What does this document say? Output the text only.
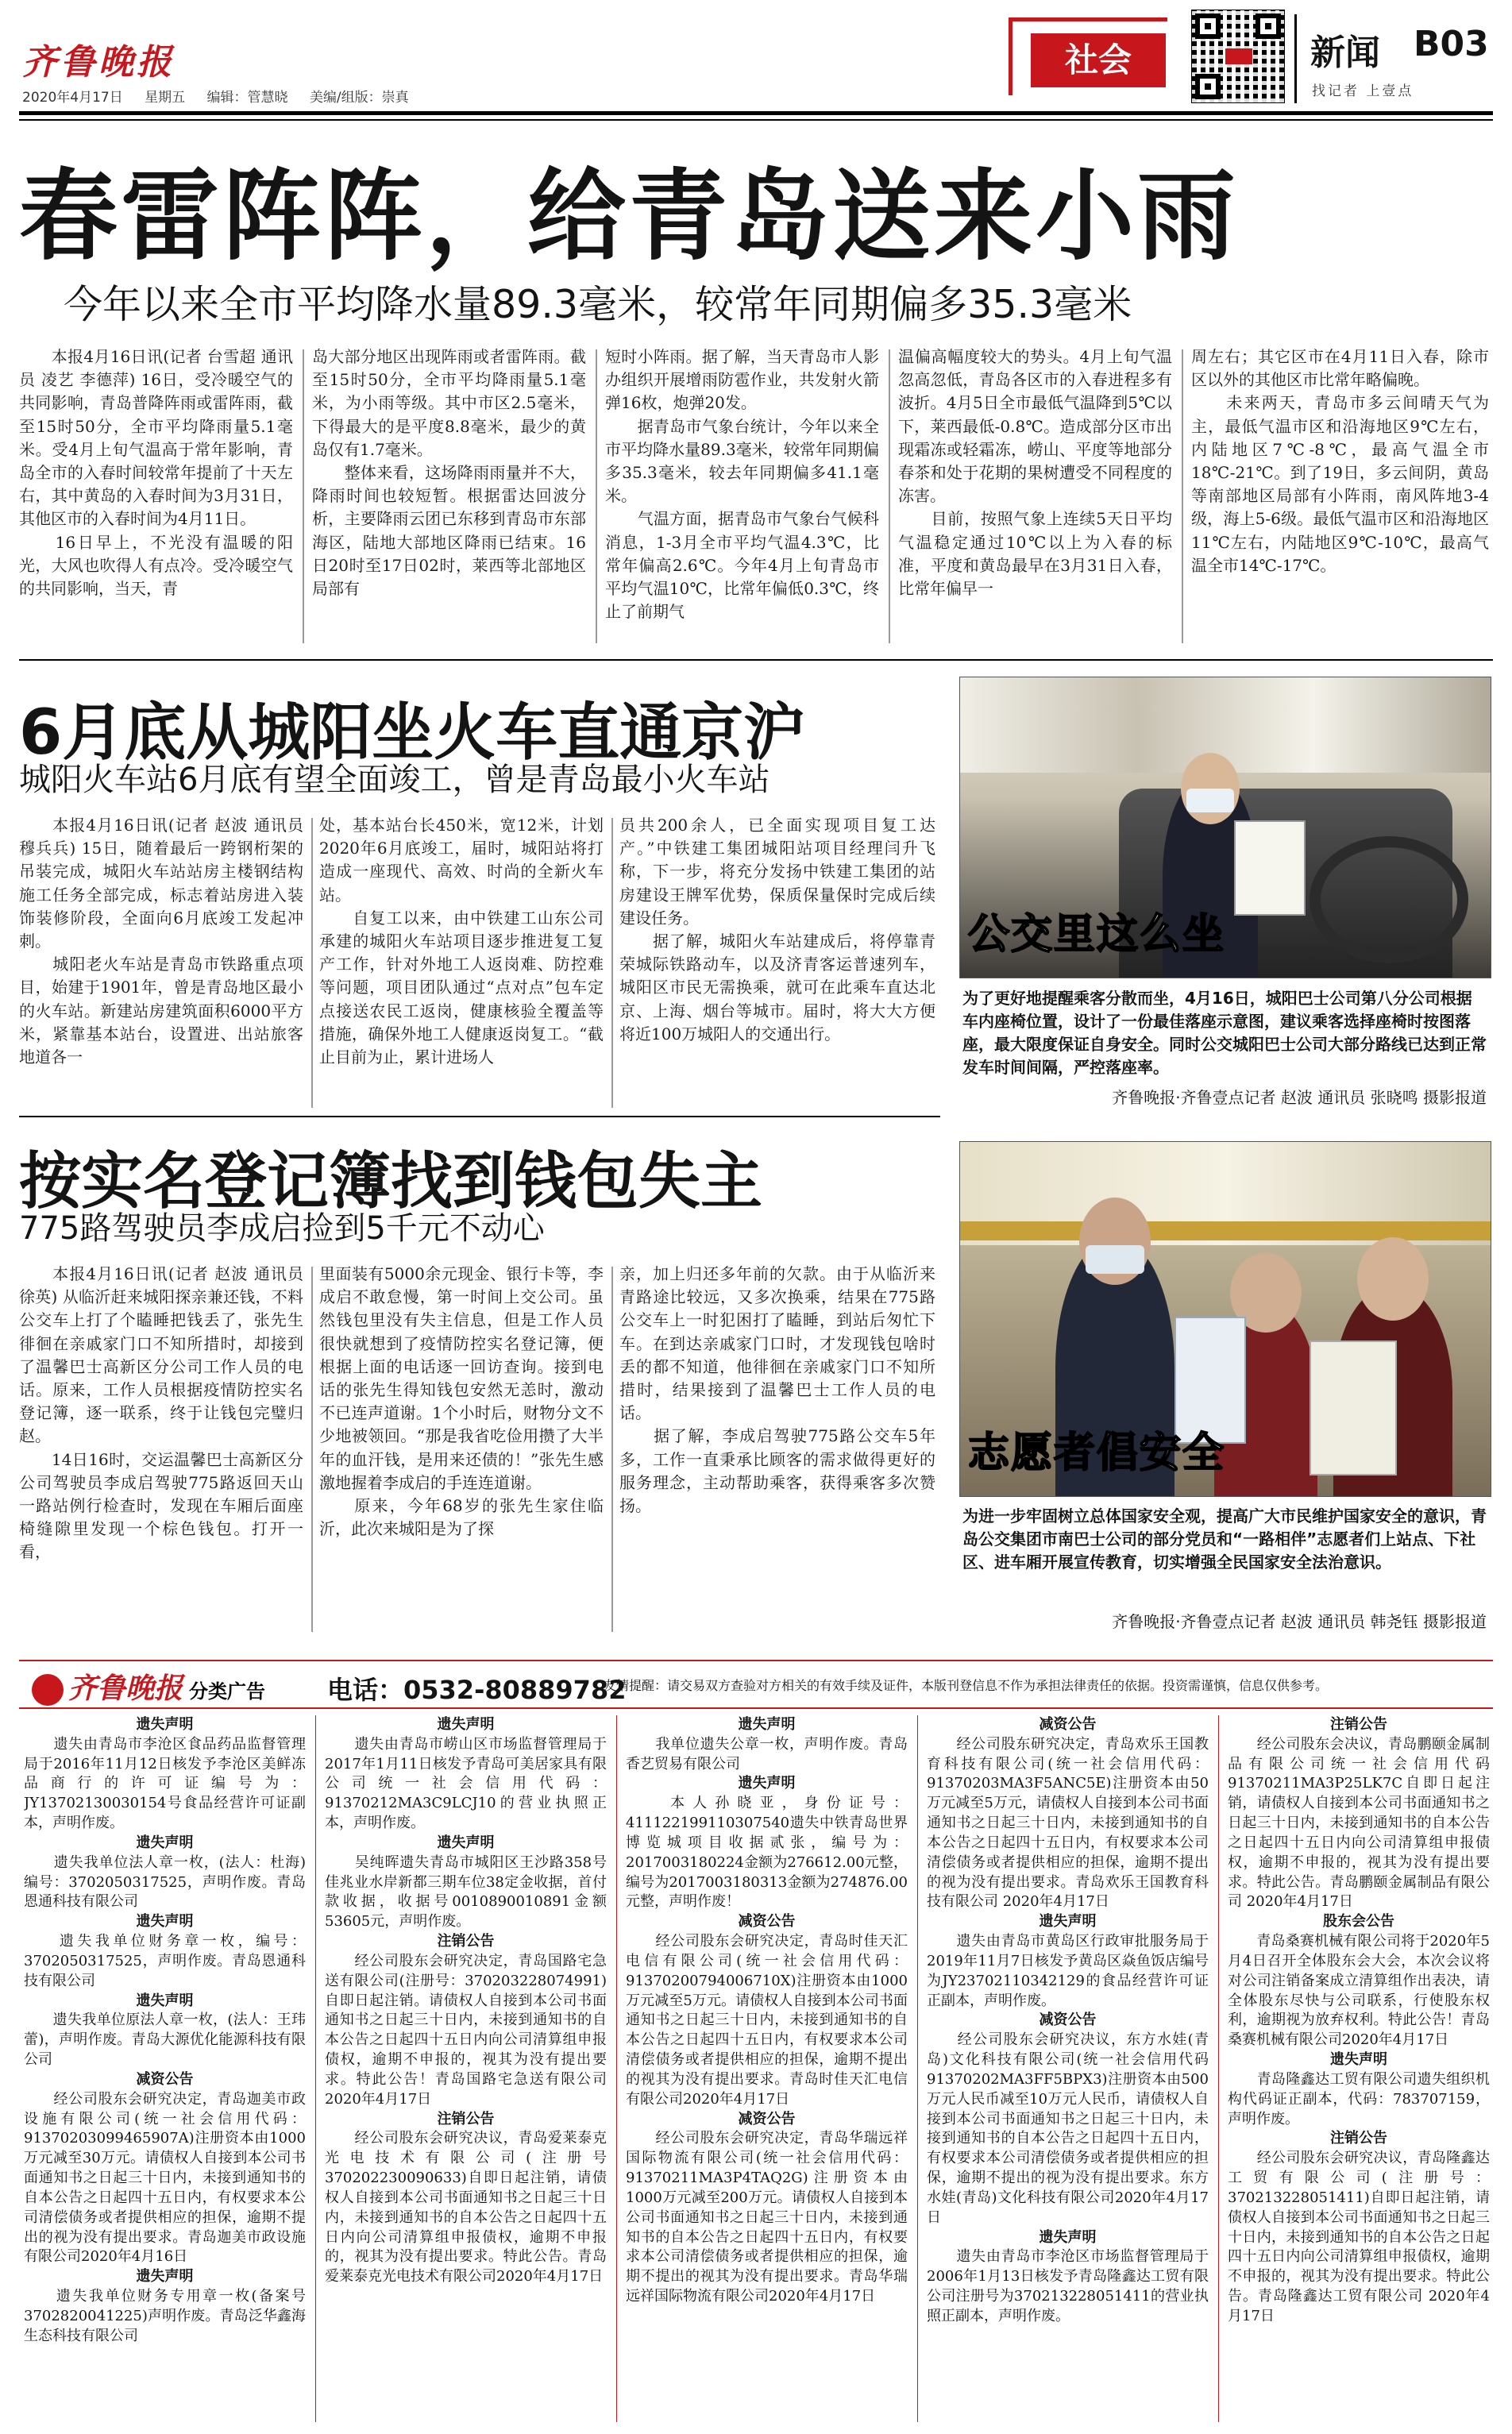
齐鲁晚报
2020年4月17日 星期五 编辑：管慧晓 美编/组版：崇真
社会	新闻 B03
找记者 上壹点
春雷阵阵，给青岛送来小雨
今年以来全市平均降水量89.3毫米，较常年同期偏多35.3毫米
　　本报4月16日讯(记者 台雪超 通讯员 凌艺 李德萍) 16日，受冷暖空气的共同影响，青岛普降阵雨或雷阵雨，截至15时50分，全市平均降雨量5.1毫米。受4月上旬气温高于常年影响，青岛全市的入春时间较常年提前了十天左右，其中黄岛的入春时间为3月31日，其他区市的入春时间为4月11日。
　　16日早上，不光没有温暖的阳光，大风也吹得人有点冷。受冷暖空气的共同影响，当天，青
岛大部分地区出现阵雨或者雷阵雨。截至15时50分，全市平均降雨量5.1毫米，为小雨等级。其中市区2.5毫米，下得最大的是平度8.8毫米，最少的黄岛仅有1.7毫米。
　　整体来看，这场降雨雨量并不大，降雨时间也较短暂。根据雷达回波分析，主要降雨云团已东移到青岛市东部海区，陆地大部地区降雨已结束。16日20时至17日02时，莱西等北部地区局部有
短时小阵雨。据了解，当天青岛市人影办组织开展增雨防雹作业，共发射火箭弹16枚，炮弹20发。
　　据青岛市气象台统计，今年以来全市平均降水量89.3毫米，较常年同期偏多35.3毫米，较去年同期偏多41.1毫米。
　　气温方面，据青岛市气象台气候科消息，1-3月全市平均气温4.3℃，比常年偏高2.6℃。今年4月上旬青岛市平均气温10℃，比常年偏低0.3℃，终止了前期气
温偏高幅度较大的势头。4月上旬气温忽高忽低，青岛各区市的入春进程多有波折。4月5日全市最低气温降到5℃以下，莱西最低-0.8℃。造成部分区市出现霜冻或轻霜冻，崂山、平度等地部分春茶和处于花期的果树遭受不同程度的冻害。
　　目前，按照气象上连续5天日平均气温稳定通过10℃以上为入春的标准，平度和黄岛最早在3月31日入春，比常年偏早一
周左右；其它区市在4月11日入春，除市区以外的其他区市比常年略偏晚。
　　未来两天，青岛市多云间晴天气为主，最低气温市区和沿海地区9℃左右，内陆地区7℃-8℃，最高气温全市18℃-21℃。到了19日，多云间阴，黄岛等南部地区局部有小阵雨，南风阵地3-4级，海上5-6级。最低气温市区和沿海地区11℃左右，内陆地区9℃-10℃，最高气温全市14℃-17℃。
6月底从城阳坐火车直通京沪
城阳火车站6月底有望全面竣工，曾是青岛最小火车站
　　本报4月16日讯(记者 赵波 通讯员 穆兵兵) 15日，随着最后一跨钢桁架的吊装完成，城阳火车站站房主楼钢结构施工任务全部完成，标志着站房进入装饰装修阶段，全面向6月底竣工发起冲刺。
　　城阳老火车站是青岛市铁路重点项目，始建于1901年，曾是青岛地区最小的火车站。新建站房建筑面积6000平方米，紧靠基本站台，设置进、出站旅客地道各一
处，基本站台长450米，宽12米，计划2020年6月底竣工，届时，城阳站将打造成一座现代、高效、时尚的全新火车站。
　　自复工以来，由中铁建工山东公司承建的城阳火车站项目逐步推进复工复产工作，针对外地工人返岗难、防控难等问题，项目团队通过“点对点”包车定点接送农民工返岗，健康核验全覆盖等措施，确保外地工人健康返岗复工。“截止目前为止，累计进场人
员共200余人，已全面实现项目复工达产。”中铁建工集团城阳站项目经理闫升飞称，下一步，将充分发扬中铁建工集团的站房建设王牌军优势，保质保量保时完成后续建设任务。
　　据了解，城阳火车站建成后，将停靠青荣城际铁路动车，以及济青客运普速列车，城阳区市民无需换乘，就可在此乘车直达北京、上海、烟台等城市。届时，将大大方便将近100万城阳人的交通出行。
公交里这么坐
为了更好地提醒乘客分散而坐，4月16日，城阳巴士公司第八分公司根据车内座椅位置，设计了一份最佳落座示意图，建议乘客选择座椅时按图落座，最大限度保证自身安全。同时公交城阳巴士公司大部分路线已达到正常发车时间间隔，严控落座率。
齐鲁晚报·齐鲁壹点记者 赵波 通讯员 张晓鸣 摄影报道
按实名登记簿找到钱包失主
775路驾驶员李成启捡到5千元不动心
　　本报4月16日讯(记者 赵波 通讯员 徐英) 从临沂赶来城阳探亲兼还钱，不料公交车上打了个瞌睡把钱丢了，张先生徘徊在亲戚家门口不知所措时，却接到了温馨巴士高新区分公司工作人员的电话。原来，工作人员根据疫情防控实名登记簿，逐一联系，终于让钱包完璧归赵。
　　14日16时，交运温馨巴士高新区分公司驾驶员李成启驾驶775路返回天山一路站例行检查时，发现在车厢后面座椅缝隙里发现一个棕色钱包。打开一看，
里面装有5000余元现金、银行卡等，李成启不敢怠慢，第一时间上交公司。虽然钱包里没有失主信息，但是工作人员很快就想到了疫情防控实名登记簿，便根据上面的电话逐一回访查询。接到电话的张先生得知钱包安然无恙时，激动不已连声道谢。1个小时后，财物分文不少地被领回。“那是我省吃俭用攒了大半年的血汗钱，是用来还债的！”张先生感激地握着李成启的手连连道谢。
　　原来，今年68岁的张先生家住临沂，此次来城阳是为了探
亲，加上归还多年前的欠款。由于从临沂来青路途比较远，又多次换乘，结果在775路公交车上一时犯困打了瞌睡，到站后匆忙下车。在到达亲戚家门口时，才发现钱包啥时丢的都不知道，他徘徊在亲戚家门口不知所措时，结果接到了温馨巴士工作人员的电话。
　　据了解，李成启驾驶775路公交车5年多，工作一直秉承比顾客的需求做得更好的服务理念，主动帮助乘客，获得乘客多次赞扬。
志愿者倡安全
为进一步牢固树立总体国家安全观，提高广大市民维护国家安全的意识，青岛公交集团市南巴士公司的部分党员和“一路相伴”志愿者们上站点、下社区、进车厢开展宣传教育，切实增强全民国家安全法治意识。
齐鲁晚报·齐鲁壹点记者 赵波 通讯员 韩尧钰 摄影报道
齐鲁晚报 分类广告 电话：0532-80889782
友情提醒：请交易双方查验对方相关的有效手续及证件，本版刊登信息不作为承担法律责任的依据。投资需谨慎，信息仅供参考。
遗失声明
　　遗失由青岛市李沧区食品药品监督管理局于2016年11月12日核发予李沧区美鲜冻品商行的许可证编号为：JY13702130030154号食品经营许可证副本，声明作废。
遗失声明
　　遗失我单位法人章一枚，(法人：杜海)编号：3702050317525，声明作废。青岛恩通科技有限公司
遗失声明
　　遗失我单位财务章一枚，编号：3702050317525，声明作废。青岛恩通科技有限公司
遗失声明
　　遗失我单位原法人章一枚，(法人：王玮蕾)，声明作废。青岛大源优化能源科技有限公司
减资公告
　　经公司股东会研究决定，青岛迦美市政设施有限公司(统一社会信用代码：91370203099465907A)注册资本由1000万元减至30万元。请债权人自接到本公司书面通知书之日起三十日内，未接到通知书的自本公告之日起四十五日内，有权要求本公司清偿债务或者提供相应的担保，逾期不提出的视为没有提出要求。青岛迦美市政设施有限公司2020年4月16日
遗失声明
　　遗失我单位财务专用章一枚(备案号3702820041225)声明作废。青岛泛华鑫海生态科技有限公司
遗失声明
　　遗失由青岛市崂山区市场监督管理局于2017年1月11日核发予青岛可美居家具有限公司统一社会信用代码：91370212MA3C9LCJ10的营业执照正本，声明作废。
遗失声明
　　吴纯晖遗失青岛市城阳区王沙路358号佳兆业水岸新都三期车位38定金收据，首付款收据，收据号0010890010891金额53605元，声明作废。
注销公告
　　经公司股东会研究决定，青岛国路宅急送有限公司(注册号：370203228074991)自即日起注销。请债权人自接到本公司书面通知书之日起三十日内，未接到通知书的自本公告之日起四十五日内向公司清算组申报债权，逾期不申报的，视其为没有提出要求。特此公告！青岛国路宅急送有限公司2020年4月17日
注销公告
　　经公司股东会研究决议，青岛爱莱泰克光电技术有限公司(注册号370202230090633)自即日起注销，请债权人自接到本公司书面通知书之日起三十日内，未接到通知书的自本公告之日起四十五日内向公司清算组申报债权，逾期不申报的，视其为没有提出要求。特此公告。青岛爱莱泰克光电技术有限公司2020年4月17日
遗失声明
　　我单位遗失公章一枚，声明作废。青岛香艺贸易有限公司
遗失声明
　　本人孙晓亚，身份证号：411122199110307540遗失中铁青岛世界博览城项目收据贰张，编号为：2017003180224金额为276612.00元整，编号为2017003180313金额为274876.00元整，声明作废！
减资公告
　　经公司股东会研究决定，青岛时佳天汇电信有限公司(统一社会信用代码：91370200794006710X)注册资本由1000万元减至5万元。请债权人自接到本公司书面通知书之日起三十日内，未接到通知书的自本公告之日起四十五日内，有权要求本公司清偿债务或者提供相应的担保，逾期不提出的视其为没有提出要求。青岛时佳天汇电信有限公司2020年4月17日
减资公告
　　经公司股东会研究决定，青岛华瑞远祥国际物流有限公司(统一社会信用代码：91370211MA3P4TAQ2G)注册资本由1000万元减至200万元。请债权人自接到本公司书面通知书之日起三十日内，未接到通知书的自本公告之日起四十五日内，有权要求本公司清偿债务或者提供相应的担保，逾期不提出的视其为没有提出要求。青岛华瑞远祥国际物流有限公司2020年4月17日
减资公告
　　经公司股东研究决定，青岛欢乐王国教育科技有限公司(统一社会信用代码：91370203MA3F5ANC5E)注册资本由50万元减至5万元，请债权人自接到本公司书面通知书之日起三十日内，未接到通知书的自本公告之日起四十五日内，有权要求本公司清偿债务或者提供相应的担保，逾期不提出的视为没有提出要求。青岛欢乐王国教育科技有限公司 2020年4月17日
遗失声明
　　遗失由青岛市黄岛区行政审批服务局于2019年11月7日核发予黄岛区焱鱼饭店编号为JY23702110342129的食品经营许可证正副本，声明作废。
减资公告
　　经公司股东会研究决议，东方水娃(青岛)文化科技有限公司(统一社会信用代码91370202MA3FF5BPX3)注册资本由500万元人民币减至10万元人民币，请债权人自接到本公司书面通知书之日起三十日内，未接到通知书的自本公告之日起四十五日内，有权要求本公司清偿债务或者提供相应的担保，逾期不提出的视为没有提出要求。东方水娃(青岛)文化科技有限公司2020年4月17日
遗失声明
　　遗失由青岛市李沧区市场监督管理局于2006年1月13日核发予青岛隆鑫达工贸有限公司注册号为370213228051411的营业执照正副本，声明作废。
注销公告
　　经公司股东会决议，青岛鹏颐金属制品有限公司统一社会信用代码91370211MA3P25LK7C自即日起注销，请债权人自接到本公司书面通知书之日起三十日内，未接到通知书的自本公告之日起四十五日内向公司清算组申报债权，逾期不申报的，视其为没有提出要求。特此公告。青岛鹏颐金属制品有限公司 2020年4月17日
股东会公告
　　青岛桑赛机械有限公司将于2020年5月4日召开全体股东会大会，本次会议将对公司注销备案成立清算组作出表决，请全体股东尽快与公司联系，行使股东权利，逾期视为放弃权利。特此公告！青岛桑赛机械有限公司2020年4月17日
遗失声明
　　青岛隆鑫达工贸有限公司遗失组织机构代码证正副本，代码：783707159，声明作废。
注销公告
　　经公司股东会研究决议，青岛隆鑫达工贸有限公司(注册号：370213228051411)自即日起注销，请债权人自接到本公司书面通知书之日起三十日内，未接到通知书的自本公告之日起四十五日内向公司清算组申报债权，逾期不申报的，视其为没有提出要求。特此公告。青岛隆鑫达工贸有限公司 2020年4月17日
